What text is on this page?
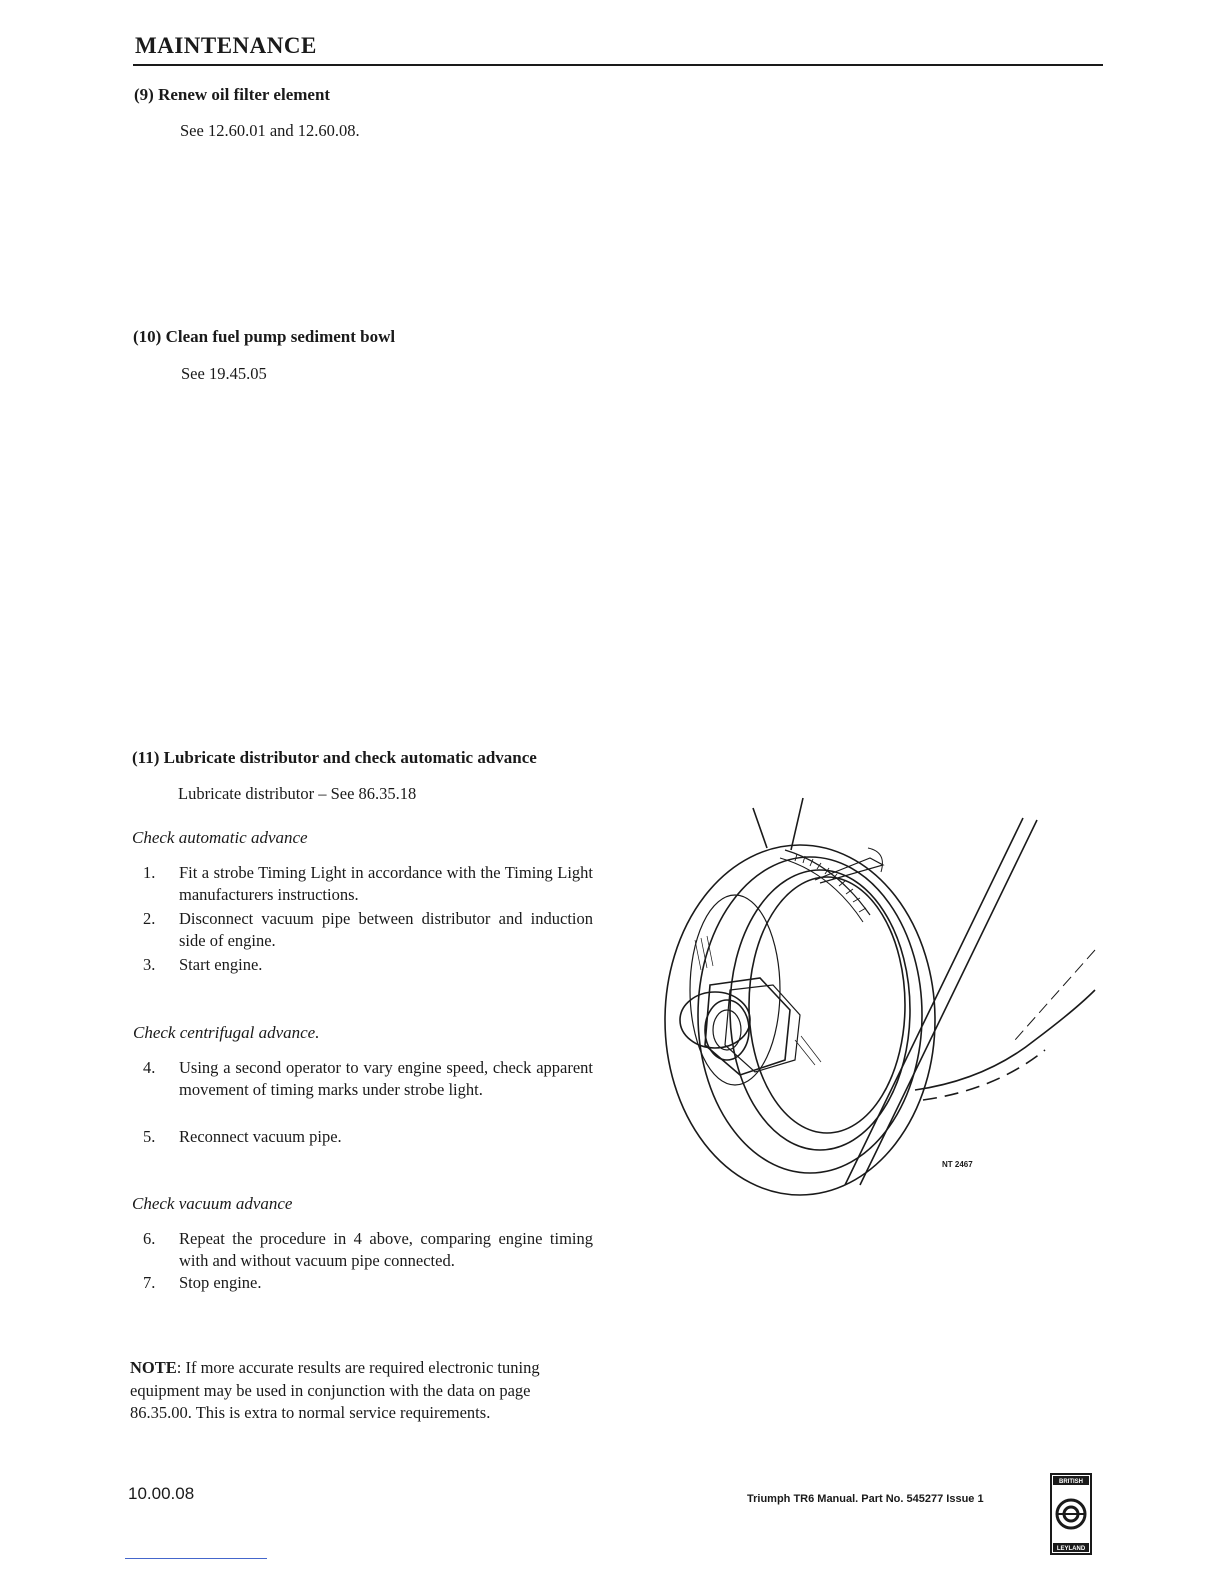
MAINTENANCE
(9) Renew oil filter element
See 12.60.01 and 12.60.08.
(10) Clean fuel pump sediment bowl
See 19.45.05
(11) Lubricate distributor and check automatic advance
Lubricate distributor – See 86.35.18
Check automatic advance
1.	Fit a strobe Timing Light in accordance with the Timing Light manufacturers instructions.
2.	Disconnect vacuum pipe between distributor and induction side of engine.
3.	Start engine.
Check centrifugal advance.
4.	Using a second operator to vary engine speed, check apparent movement of timing marks under strobe light.
5.	Reconnect vacuum pipe.
Check vacuum advance
6.	Repeat the procedure in 4 above, comparing engine timing with and without vacuum pipe connected.
7.	Stop engine.
NOTE: If more accurate results are required electronic tuning equipment may be used in conjunction with the data on page 86.35.00. This is extra to normal service requirements.
NT 2467
10.00.08	Triumph TR6 Manual. Part No. 545277 Issue 1
BRITISH
LEYLAND
